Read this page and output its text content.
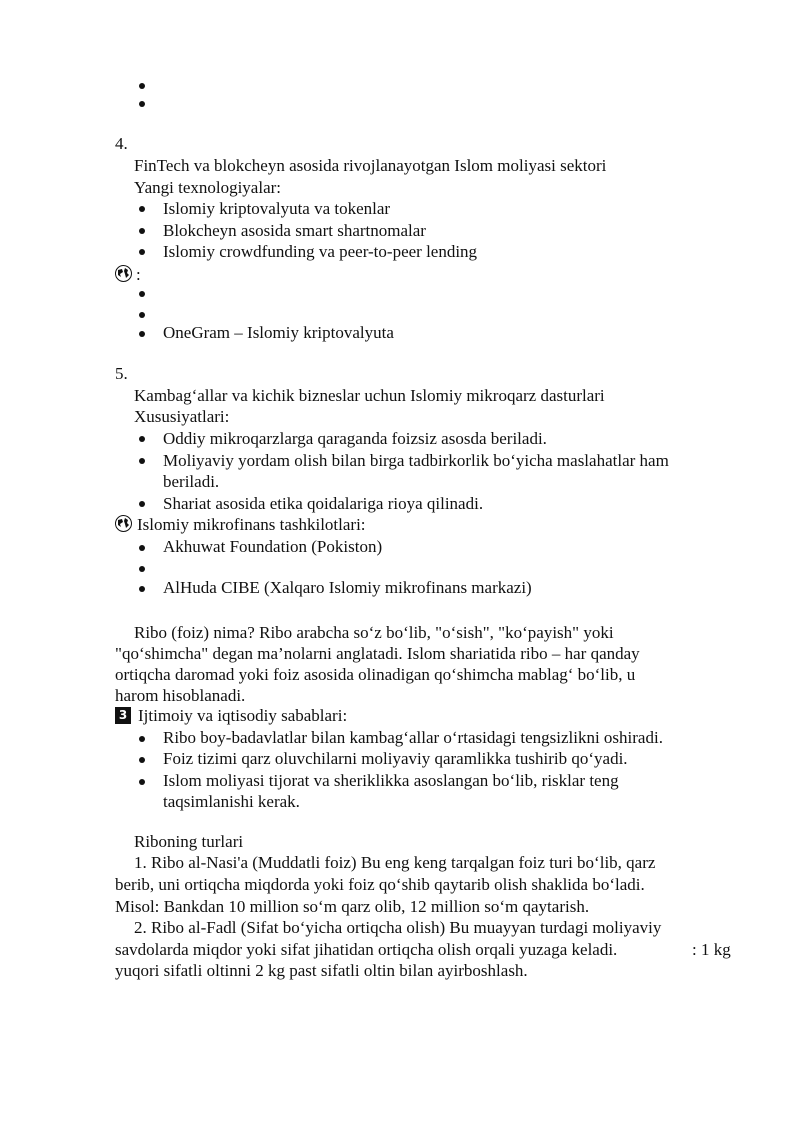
4.
FinTech va blokcheyn asosida rivojlanayotgan Islom moliyasi sektori
Yangi texnologiyalar:
Islomiy kriptovalyuta va tokenlar
Blokcheyn asosida smart shartnomalar
Islomiy crowdfunding va peer-to-peer lending
:
OneGram – Islomiy kriptovalyuta
5.
Kambag‘allar va kichik bizneslar uchun Islomiy mikroqarz dasturlari
Xususiyatlari:
Oddiy mikroqarzlarga qaraganda foizsiz asosda beriladi.
Moliyaviy yordam olish bilan birga tadbirkorlik bo‘yicha maslahatlar ham
beriladi.
Shariat asosida etika qoidalariga rioya qilinadi.
Islomiy mikrofinans tashkilotlari:
Akhuwat Foundation (Pokiston)
AlHuda CIBE (Xalqaro Islomiy mikrofinans markazi)
Ribo (foiz) nima? Ribo arabcha so‘z bo‘lib, "o‘sish", "ko‘payish" yoki
"qo‘shimcha" degan ma’nolarni anglatadi. Islom shariatida ribo – har qanday
ortiqcha daromad yoki foiz asosida olinadigan qo‘shimcha mablag‘ bo‘lib, u
harom hisoblanadi.
3 Ijtimoiy va iqtisodiy sabablari:
Ribo boy-badavlatlar bilan kambag‘allar o‘rtasidagi tengsizlikni oshiradi.
Foiz tizimi qarz oluvchilarni moliyaviy qaramlikka tushirib qo‘yadi.
Islom moliyasi tijorat va sheriklikka asoslangan bo‘lib, risklar teng
taqsimlanishi kerak.
Riboning turlari
1. Ribo al-Nasi'a (Muddatli foiz) Bu eng keng tarqalgan foiz turi bo‘lib, qarz
berib, uni ortiqcha miqdorda yoki foiz qo‘shib qaytarib olish shaklida bo‘ladi.
Misol: Bankdan 10 million so‘m qarz olib, 12 million so‘m qaytarish.
2. Ribo al-Fadl (Sifat bo‘yicha ortiqcha olish) Bu muayyan turdagi moliyaviy
savdolarda miqdor yoki sifat jihatidan ortiqcha olish orqali yuzaga keladi.	: 1 kg
yuqori sifatli oltinni 2 kg past sifatli oltin bilan ayirboshlash.
